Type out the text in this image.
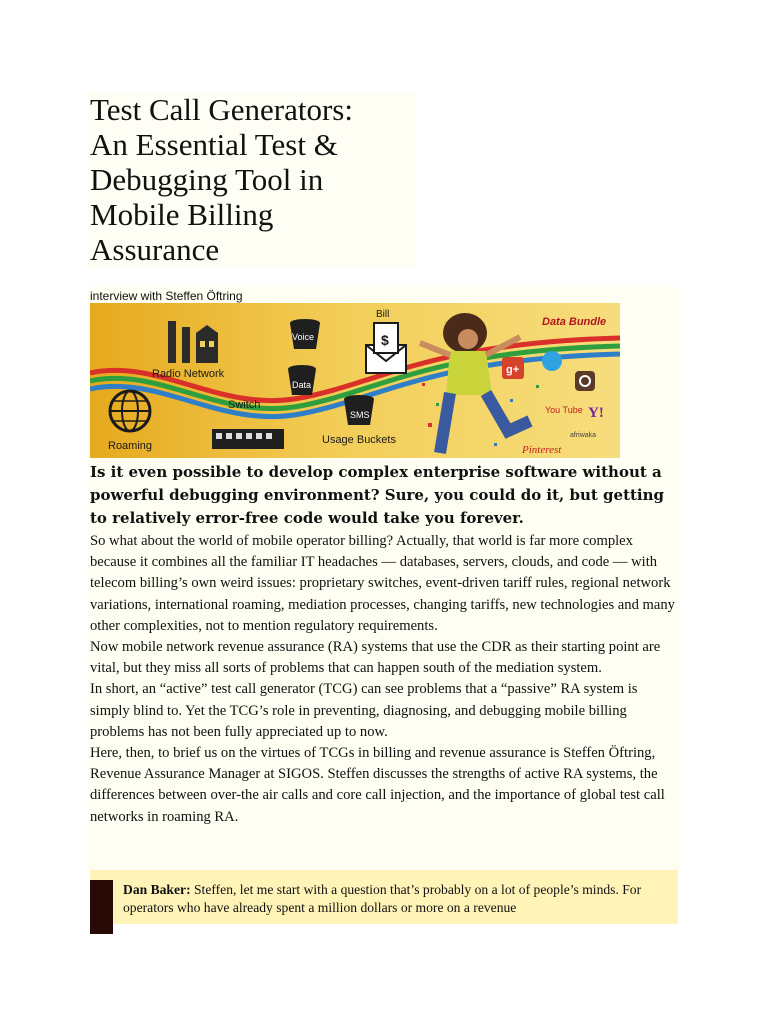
Test Call Generators:
An Essential Test &
Debugging Tool in
Mobile Billing
Assurance
interview with Steffen Öftring
Radio Network
Roaming
Switch
Voice
Data
SMS
Usage Buckets
Bill
$
Data Bundle
g+
You Tube Y!
afriwaka
Pinterest

Is it even possible to develop complex enterprise software without a powerful debugging environment? Sure, you could do it, but getting to relatively error-free code would take you forever.

So what about the world of mobile operator billing? Actually, that world is far more complex because it combines all the familiar IT headaches — databases, servers, clouds, and code — with telecom billing’s own weird issues: proprietary switches, event-driven tariff rules, regional network variations, international roaming, mediation processes, changing tariffs, new technologies and many other complexities, not to mention regulatory requirements.

Now mobile network revenue assurance (RA) systems that use the CDR as their starting point are vital, but they miss all sorts of problems that can happen south of the mediation system.

In short, an “active” test call generator (TCG) can see problems that a “passive” RA system is simply blind to. Yet the TCG’s role in preventing, diagnosing, and debugging mobile billing problems has not been fully appreciated up to now.

Here, then, to brief us on the virtues of TCGs in billing and revenue assurance is Steffen Öftring, Revenue Assurance Manager at SIGOS. Steffen discusses the strengths of active RA systems, the differences between over-the air calls and core call injection, and the importance of global test call networks in roaming RA.

Dan Baker: Steffen, let me start with a question that’s probably on a lot of people’s minds. For operators who have already spent a million dollars or more on a revenue
